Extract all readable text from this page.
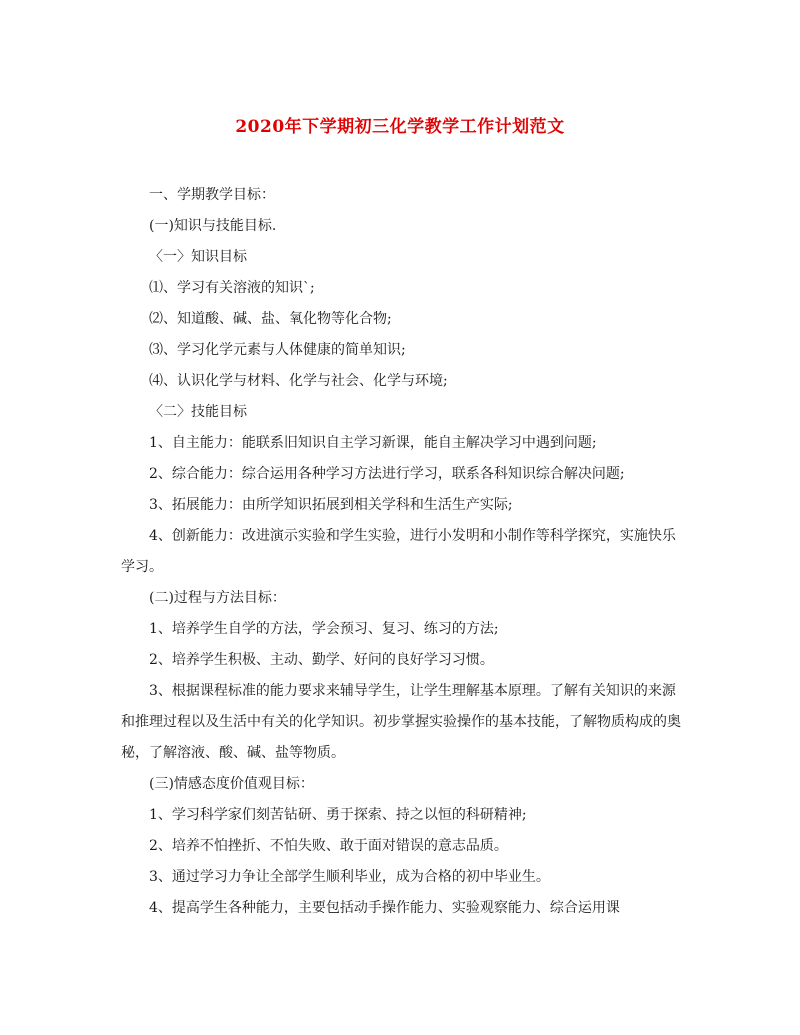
2020年下学期初三化学教学工作计划范文

一、学期教学目标：

(一)知识与技能目标.

〈一〉知识目标

⑴、学习有关溶液的知识`;

⑵、知道酸、碱、盐、氧化物等化合物;

⑶、学习化学元素与人体健康的简单知识;

⑷、认识化学与材料、化学与社会、化学与环境;

〈二〉技能目标

1、自主能力：能联系旧知识自主学习新课，能自主解决学习中遇到问题;

2、综合能力：综合运用各种学习方法进行学习，联系各科知识综合解决问题;

3、拓展能力：由所学知识拓展到相关学科和生活生产实际;

4、创新能力：改进演示实验和学生实验，进行小发明和小制作等科学探究，实施快乐学习。

(二)过程与方法目标：

1、培养学生自学的方法，学会预习、复习、练习的方法;

2、培养学生积极、主动、勤学、好问的良好学习习惯。

3、根据课程标准的能力要求来辅导学生，让学生理解基本原理。了解有关知识的来源和推理过程以及生活中有关的化学知识。初步掌握实验操作的基本技能，了解物质构成的奥秘，了解溶液、酸、碱、盐等物质。

(三)情感态度价值观目标：

1、学习科学家们刻苦钻研、勇于探索、持之以恒的科研精神;

2、培养不怕挫折、不怕失败、敢于面对错误的意志品质。

3、通过学习力争让全部学生顺利毕业，成为合格的初中毕业生。

4、提高学生各种能力，主要包括动手操作能力、实验观察能力、综合运用课
